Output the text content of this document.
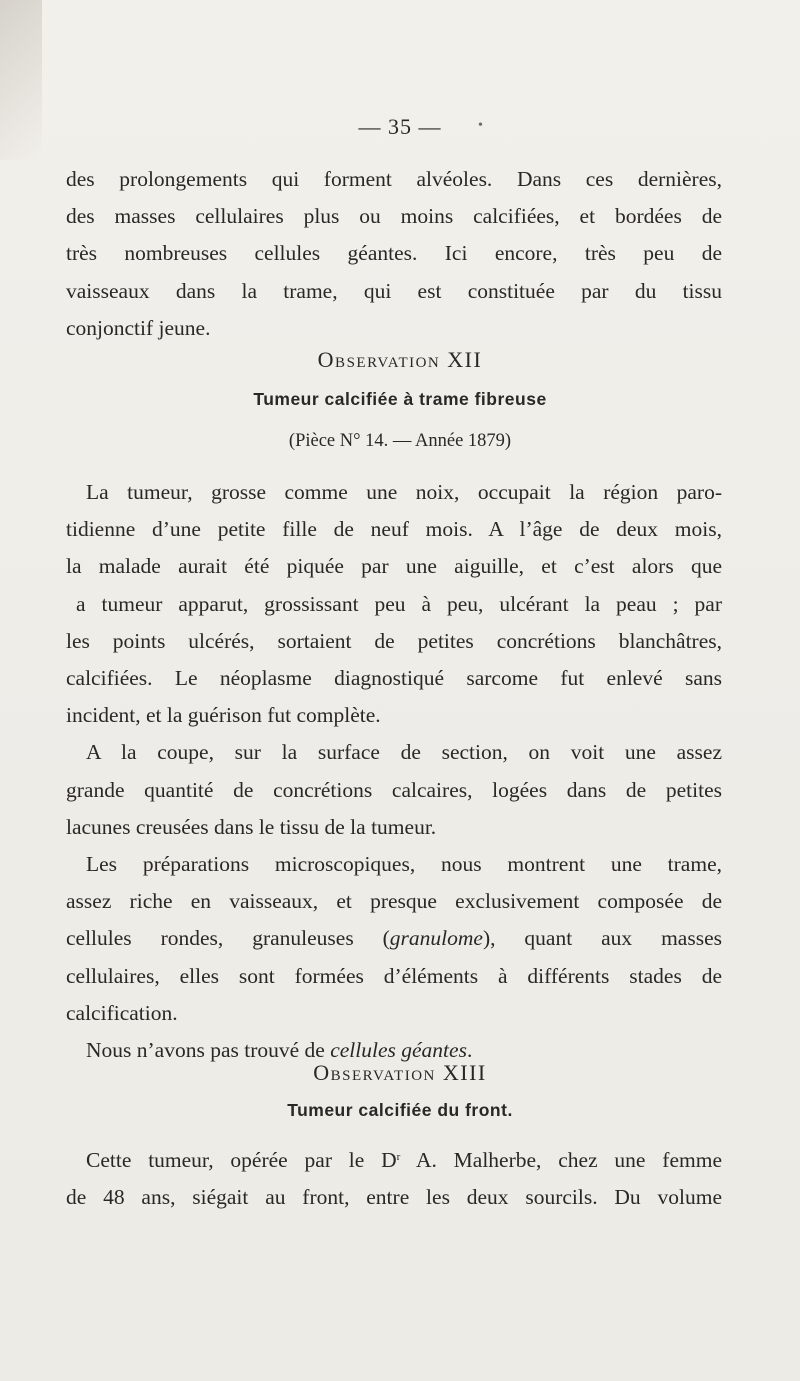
— 35 —	•
des prolongements qui forment alvéoles. Dans ces dernières,
des masses cellulaires plus ou moins calcifiées, et bordées de
très nombreuses cellules géantes. Ici encore, très peu de
vaisseaux dans la trame, qui est constituée par du tissu
conjonctif jeune.
Observation XII
Tumeur calcifiée à trame fibreuse
(Pièce N° 14. — Année 1879)
La tumeur, grosse comme une noix, occupait la région paro-
tidienne d’une petite fille de neuf mois. A l’âge de deux mois,
la malade aurait été piquée par une aiguille, et c’est alors que
a tumeur apparut, grossissant peu à peu, ulcérant la peau ; par
les points ulcérés, sortaient de petites concrétions blanchâtres,
calcifiées. Le néoplasme diagnostiqué sarcome fut enlevé sans
incident, et la guérison fut complète.
A la coupe, sur la surface de section, on voit une assez
grande quantité de concrétions calcaires, logées dans de petites
lacunes creusées dans le tissu de la tumeur.
Les préparations microscopiques, nous montrent une trame,
assez riche en vaisseaux, et presque exclusivement composée de
cellules rondes, granuleuses (granulome), quant aux masses
cellulaires, elles sont formées d’éléments à différents stades de
calcification.
Nous n’avons pas trouvé de cellules géantes.
Observation XIII
Tumeur calcifiée du front.
Cette tumeur, opérée par le $D^r$ A. Malherbe, chez une femme
de 48 ans, siégait au front, entre les deux sourcils. Du volume
